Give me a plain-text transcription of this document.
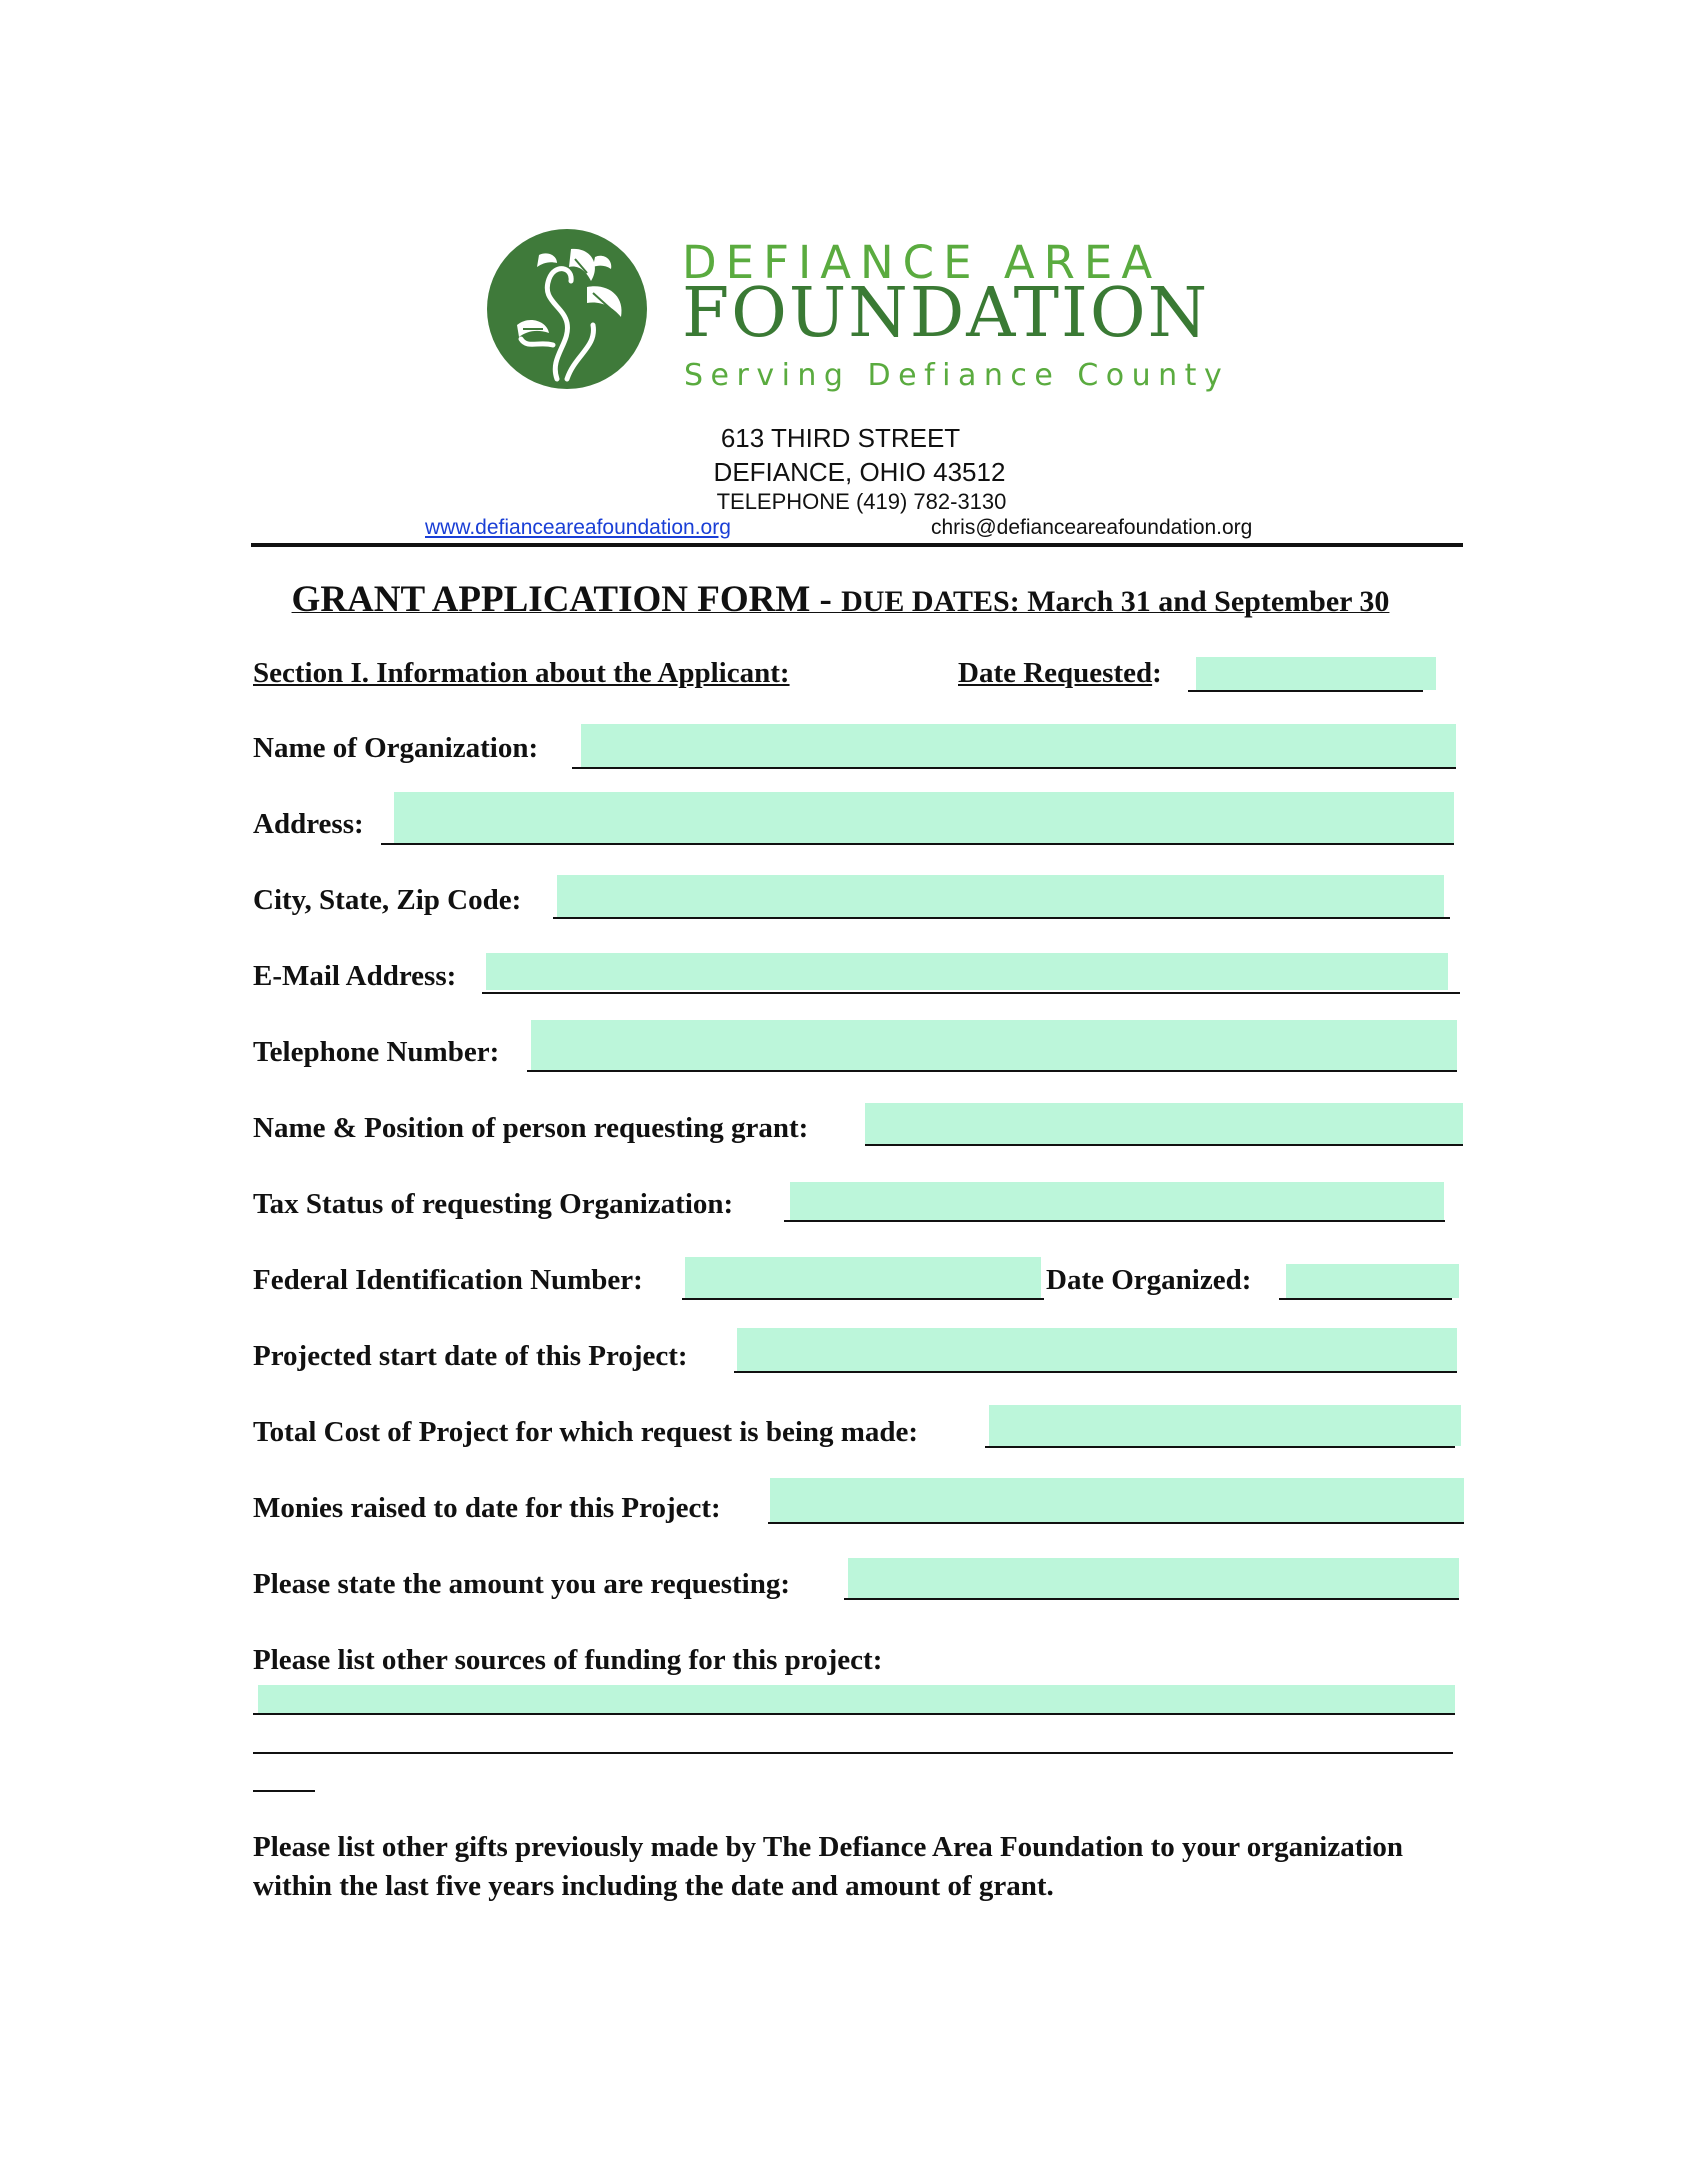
DEFIANCE AREA
FOUNDATION
Serving Defiance County
613 THIRD STREET
DEFIANCE, OHIO 43512
TELEPHONE (419) 782-3130
www.defianceareafoundation.org	chris@defianceareafoundation.org
GRANT APPLICATION FORM - DUE DATES: March 31 and September 30
Section I. Information about the Applicant:	Date Requested:
Name of Organization:
Address:
City, State, Zip Code:
E-Mail Address:
Telephone Number:
Name & Position of person requesting grant:
Tax Status of requesting Organization:
Federal Identification Number:	Date Organized:
Projected start date of this Project:
Total Cost of Project for which request is being made:
Monies raised to date for this Project:
Please state the amount you are requesting:
Please list other sources of funding for this project:
Please list other gifts previously made by The Defiance Area Foundation to your organization within the last five years including the date and amount of grant.
